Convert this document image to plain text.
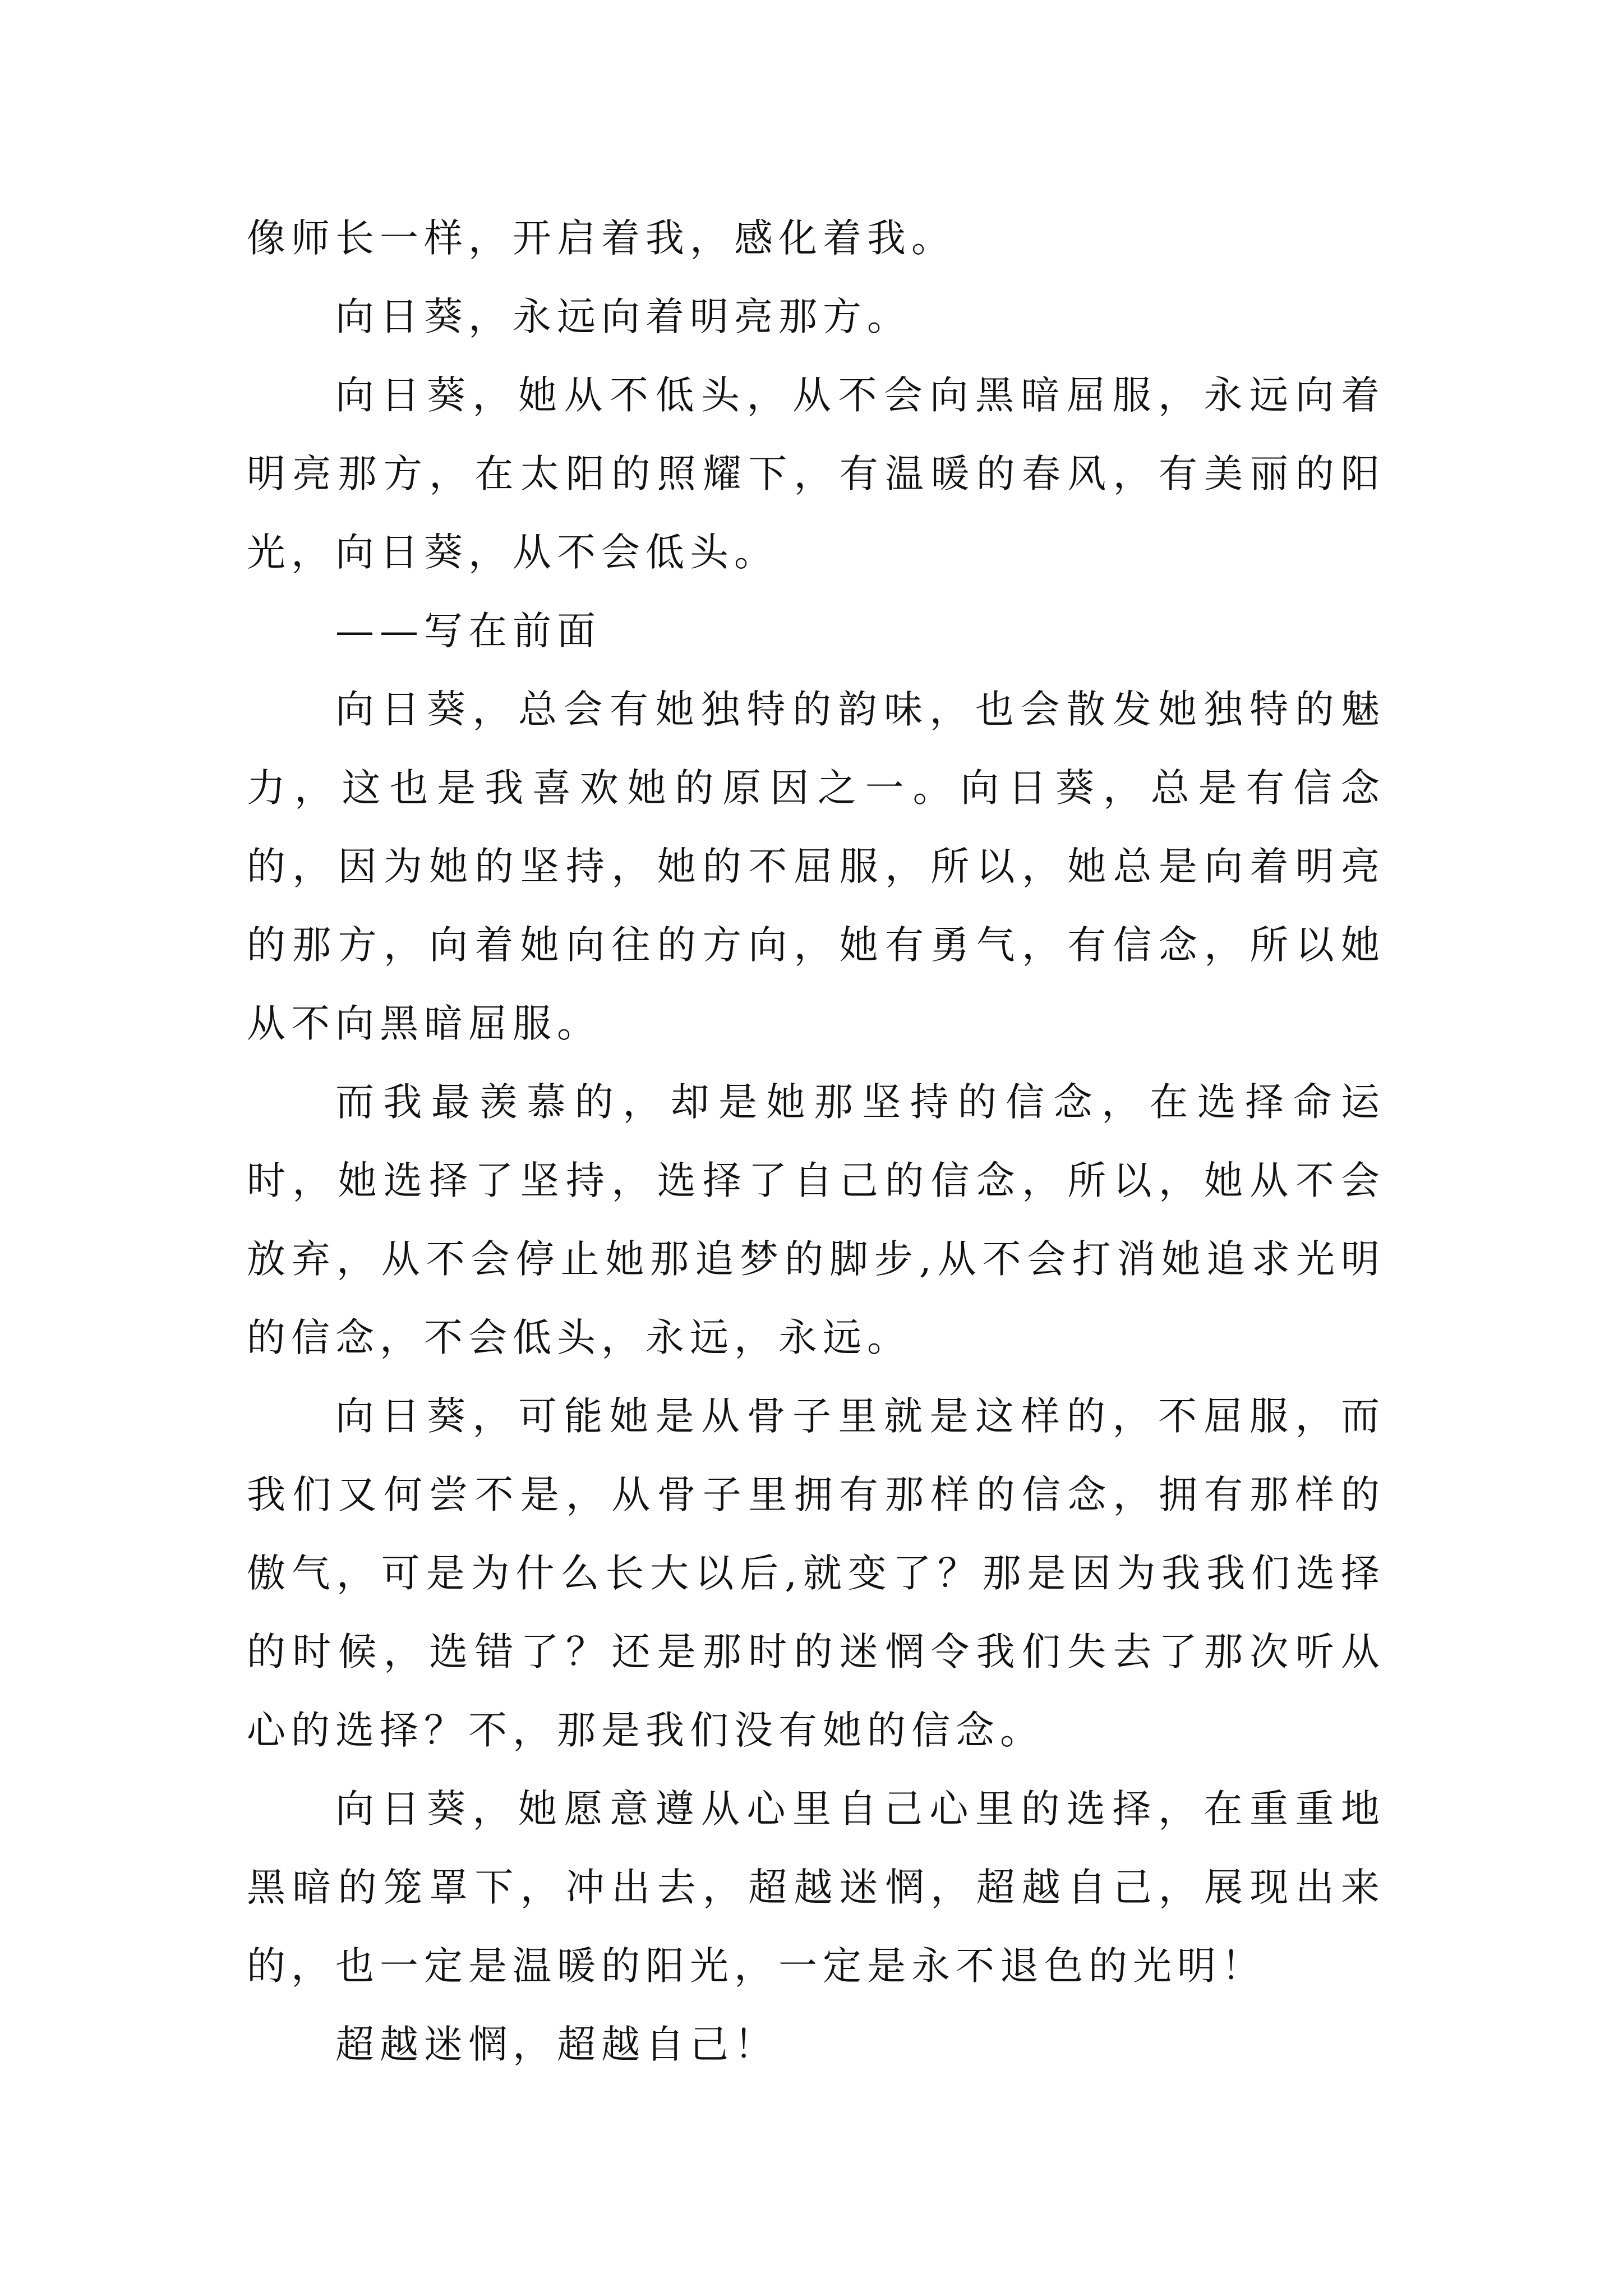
像师长一样，开启着我，感化着我。

向日葵，永远向着明亮那方。

向日葵，她从不低头，从不会向黑暗屈服，永远向着明亮那方，在太阳的照耀下，有温暖的春风，有美丽的阳光，向日葵，从不会低头。

——写在前面

向日葵，总会有她独特的韵味，也会散发她独特的魅力，这也是我喜欢她的原因之一。向日葵，总是有信念的，因为她的坚持，她的不屈服，所以，她总是向着明亮的那方，向着她向往的方向，她有勇气，有信念，所以她从不向黑暗屈服。

而我最羡慕的，却是她那坚持的信念，在选择命运时，她选择了坚持，选择了自己的信念，所以，她从不会放弃，从不会停止她那追梦的脚步,从不会打消她追求光明的信念，不会低头，永远，永远。

向日葵，可能她是从骨子里就是这样的，不屈服，而我们又何尝不是，从骨子里拥有那样的信念，拥有那样的傲气，可是为什么长大以后,就变了？那是因为我我们选择的时候，选错了？还是那时的迷惘令我们失去了那次听从心的选择？不，那是我们没有她的信念。

向日葵，她愿意遵从心里自己心里的选择，在重重地黑暗的笼罩下，冲出去，超越迷惘，超越自己，展现出来的，也一定是温暖的阳光，一定是永不退色的光明！

超越迷惘，超越自己！
